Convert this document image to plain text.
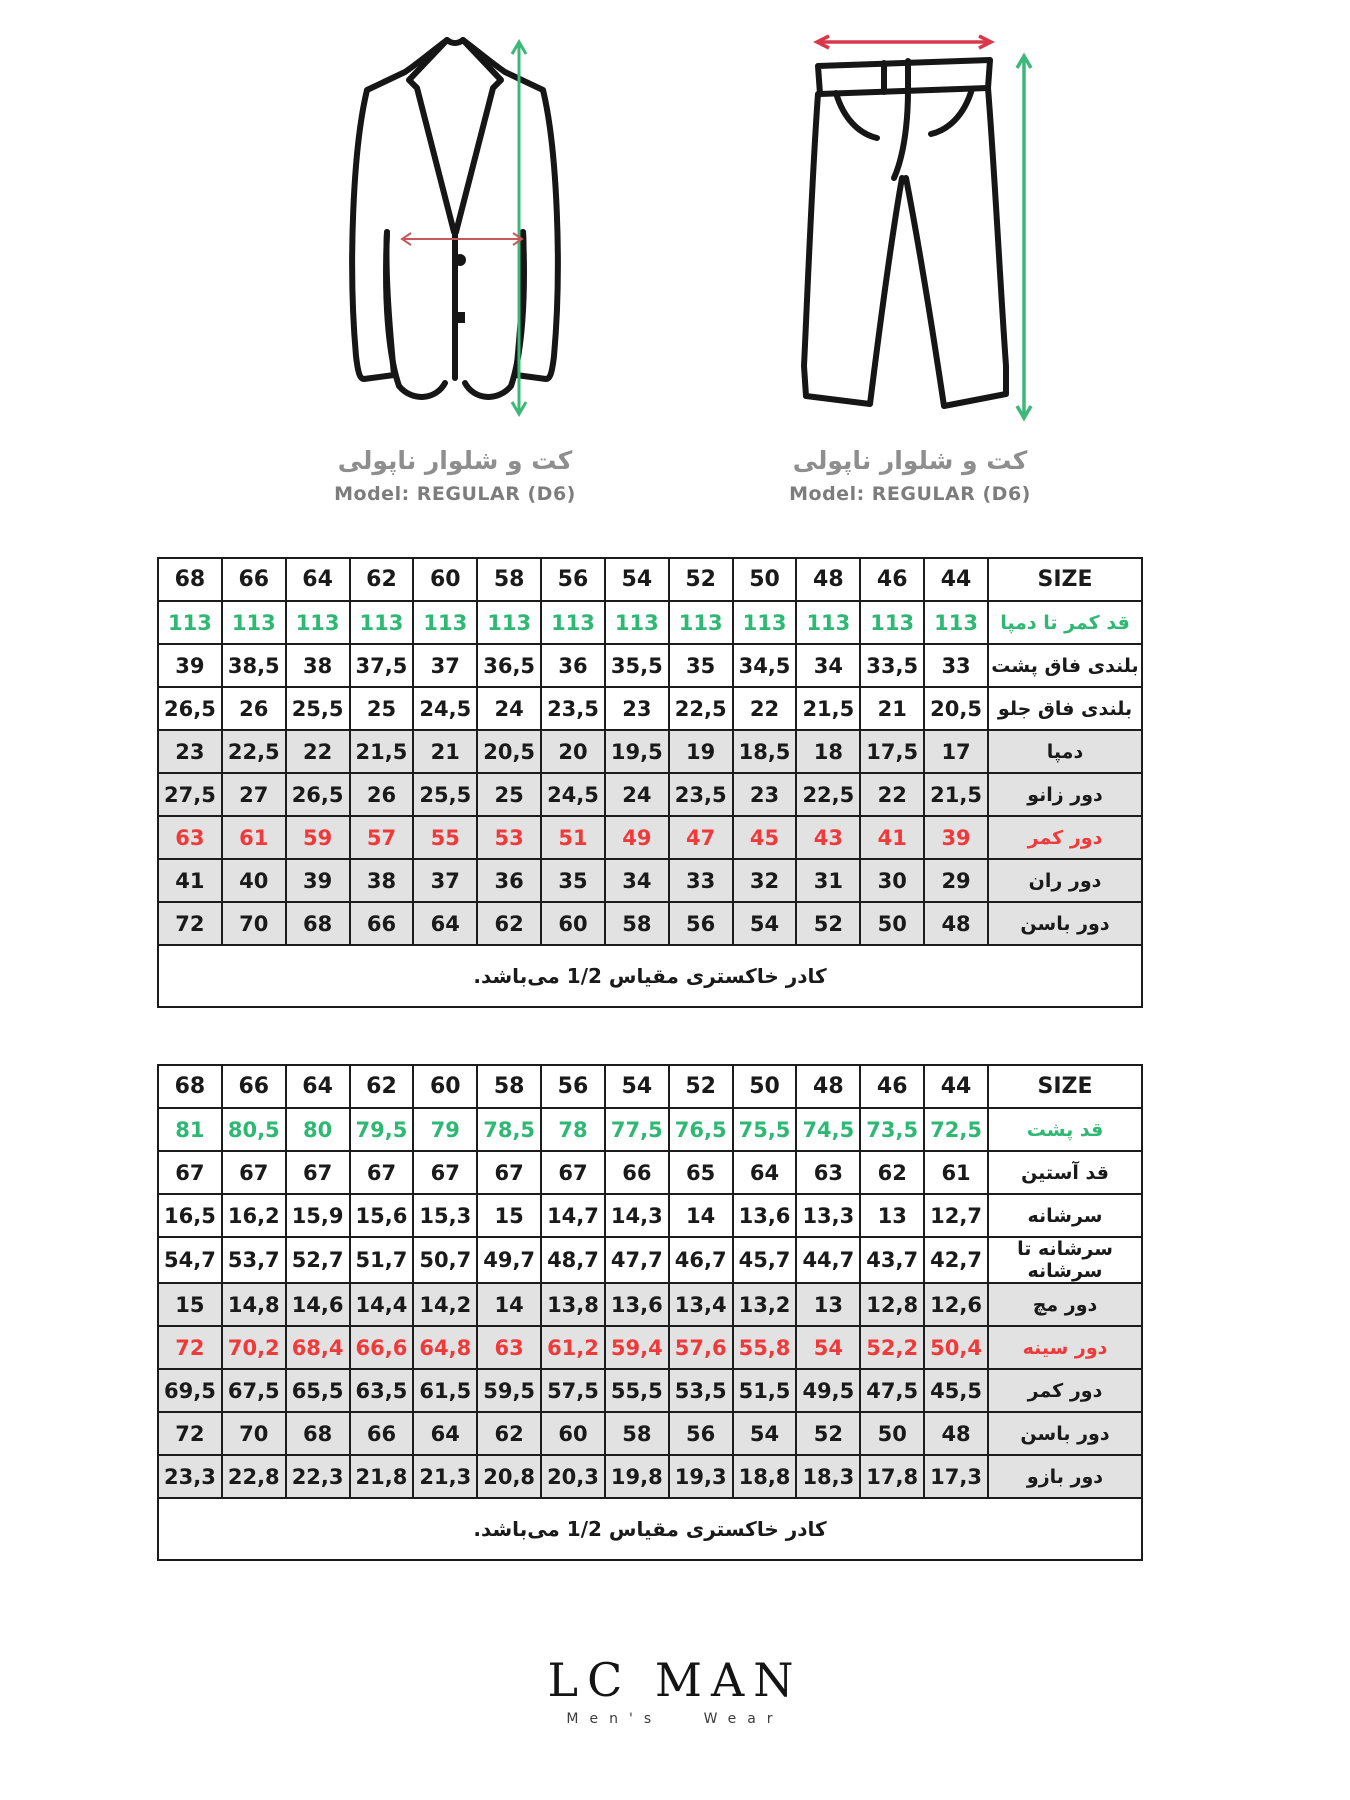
کت و شلوار ناپولی
Model: REGULAR (D6)
کت و شلوار ناپولی
Model: REGULAR (D6)
68	66	64	62	60	58	56	54	52	50	48	46	44	SIZE
113	113	113	113	113	113	113	113	113	113	113	113	113	قد کمر تا دمپا
39	38,5	38	37,5	37	36,5	36	35,5	35	34,5	34	33,5	33	بلندی فاق پشت
26,5	26	25,5	25	24,5	24	23,5	23	22,5	22	21,5	21	20,5	بلندی فاق جلو
23	22,5	22	21,5	21	20,5	20	19,5	19	18,5	18	17,5	17	دمپا
27,5	27	26,5	26	25,5	25	24,5	24	23,5	23	22,5	22	21,5	دور زانو
63	61	59	57	55	53	51	49	47	45	43	41	39	دور کمر
41	40	39	38	37	36	35	34	33	32	31	30	29	دور ران
72	70	68	66	64	62	60	58	56	54	52	50	48	دور باسن
کادر خاکستری مقیاس 1/2 می‌باشد.													
68	66	64	62	60	58	56	54	52	50	48	46	44	SIZE
81	80,5	80	79,5	79	78,5	78	77,5	76,5	75,5	74,5	73,5	72,5	قد پشت
67	67	67	67	67	67	67	66	65	64	63	62	61	قد آستین
16,5	16,2	15,9	15,6	15,3	15	14,7	14,3	14	13,6	13,3	13	12,7	سرشانه
54,7	53,7	52,7	51,7	50,7	49,7	48,7	47,7	46,7	45,7	44,7	43,7	42,7	سرشانه تا سرشانه
15	14,8	14,6	14,4	14,2	14	13,8	13,6	13,4	13,2	13	12,8	12,6	دور مچ
72	70,2	68,4	66,6	64,8	63	61,2	59,4	57,6	55,8	54	52,2	50,4	دور سینه
69,5	67,5	65,5	63,5	61,5	59,5	57,5	55,5	53,5	51,5	49,5	47,5	45,5	دور کمر
72	70	68	66	64	62	60	58	56	54	52	50	48	دور باسن
23,3	22,8	22,3	21,8	21,3	20,8	20,3	19,8	19,3	18,8	18,3	17,8	17,3	دور بازو
کادر خاکستری مقیاس 1/2 می‌باشد.													
LC MAN
Men's Wear
